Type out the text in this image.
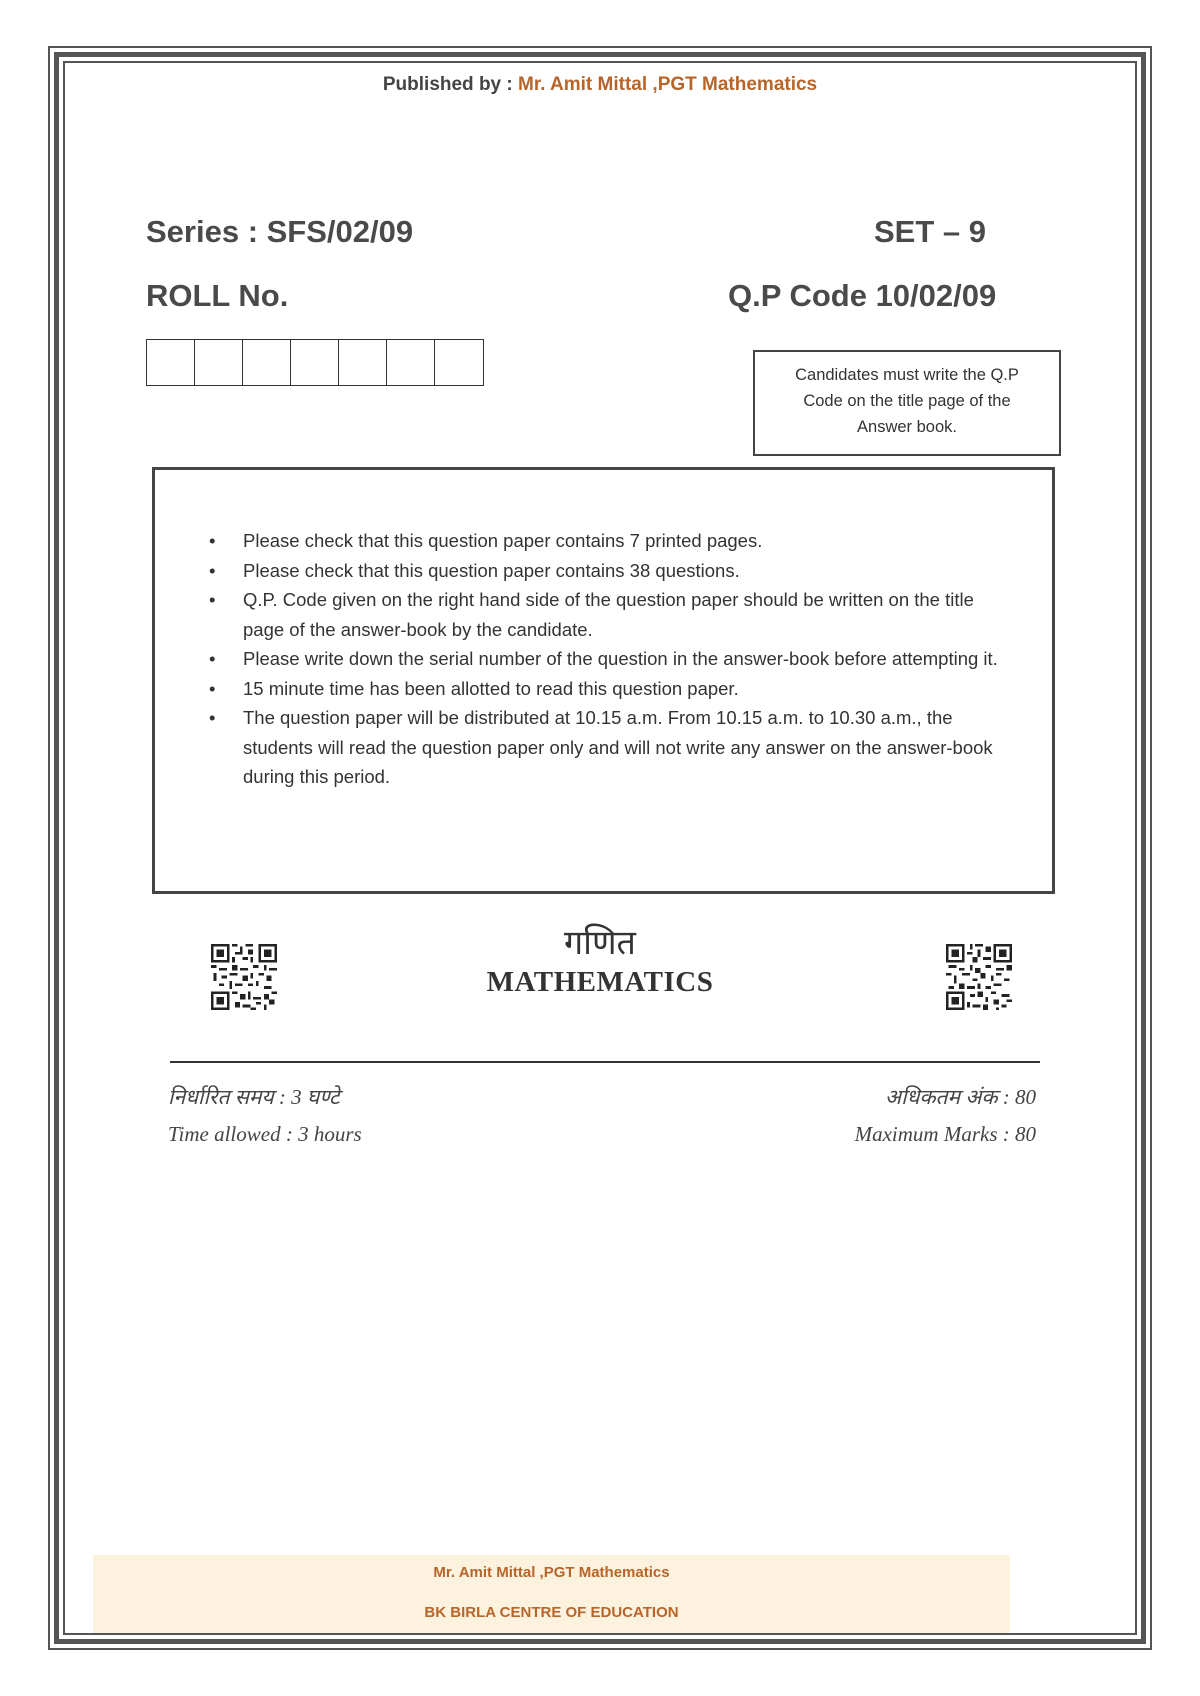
Published by : Mr. Amit Mittal ,PGT Mathematics
Series : SFS/02/09	SET – 9
ROLL No.	Q.P Code 10/02/09
Candidates must write the Q.P
Code on the title page of the
Answer book.
• Please check that this question paper contains 7 printed pages.
• Please check that this question paper contains 38 questions.
• Q.P. Code given on the right hand side of the question paper should be written on the title page of the answer-book by the candidate.
• Please write down the serial number of the question in the answer-book before attempting it.
• 15 minute time has been allotted to read this question paper.
• The question paper will be distributed at 10.15 a.m. From 10.15 a.m. to 10.30 a.m., the students will read the question paper only and will not write any answer on the answer-book during this period.
गणित
MATHEMATICS
निर्धारित समय : 3 घण्टे	अधिकतम अंक : 80
Time allowed : 3 hours	Maximum Marks : 80
Mr. Amit Mittal ,PGT Mathematics
BK BIRLA CENTRE OF EDUCATION
